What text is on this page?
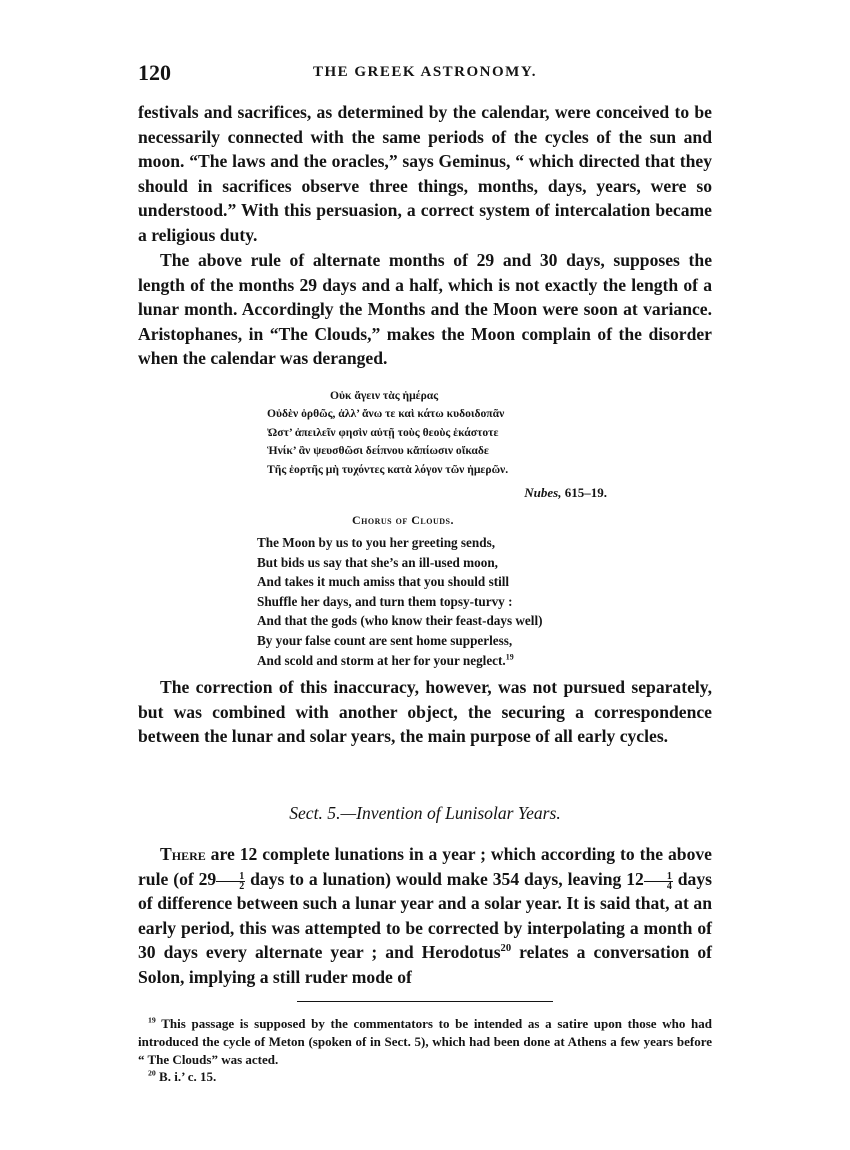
120	THE GREEK ASTRONOMY.

festivals and sacrifices, as determined by the calendar, were conceived to be necessarily connected with the same periods of the cycles of the sun and moon. “The laws and the oracles,” says Geminus, “ which directed that they should in sacrifices observe three things, months, days, years, were so understood.” With this persuasion, a correct system of intercalation became a religious duty.

The above rule of alternate months of 29 and 30 days, supposes the length of the months 29 days and a half, which is not exactly the length of a lunar month. Accordingly the Months and the Moon were soon at variance. Aristophanes, in “The Clouds,” makes the Moon complain of the disorder when the calendar was deranged.

Οὐκ ἄγειν τὰς ἡμέρας
Οὐδὲν ὀρθῶς, ἀλλ’ ἄνω τε καὶ κάτω κυδοιδοπᾶν
Ὠστ’ ἀπειλεῖν φησὶν αὐτῇ τοὺς θεοὺς ἑκάστοτε
Ἡνίκ’ ἂν ψευσθῶσι δείπνου κἄπίωσιν οἴκαδε
Τῆς ἑορτῆς μὴ τυχόντες κατὰ λόγον τῶν ἡμερῶν.
Nubes, 615–19.
Chorus of Clouds.
The Moon by us to you her greeting sends,
But bids us say that she’s an ill-used moon,
And takes it much amiss that you should still
Shuffle her days, and turn them topsy-turvy :
And that the gods (who know their feast-days well)
By your false count are sent home supperless,
And scold and storm at her for your neglect.$^{19}$

The correction of this inaccuracy, however, was not pursued separately, but was combined with another object, the securing a correspondence between the lunar and solar years, the main purpose of all early cycles.

Sect. 5.—Invention of Lunisolar Years.

There are 12 complete lunations in a year ; which according to the above rule (of $29 \frac{1}{2}$ days to a lunation) would make 354 days, leaving $12 \frac{1}{4}$ days of difference between such a lunar year and a solar year. It is said that, at an early period, this was attempted to be corrected by interpolating a month of 30 days every alternate year ; and Herodotus$^{20}$ relates a conversation of Solon, implying a still ruder mode of

$^{19}$ This passage is supposed by the commentators to be intended as a satire upon those who had introduced the cycle of Meton (spoken of in Sect. 5), which had been done at Athens a few years before “ The Clouds” was acted.

$^{20}$ B. i.’ c. 15.
